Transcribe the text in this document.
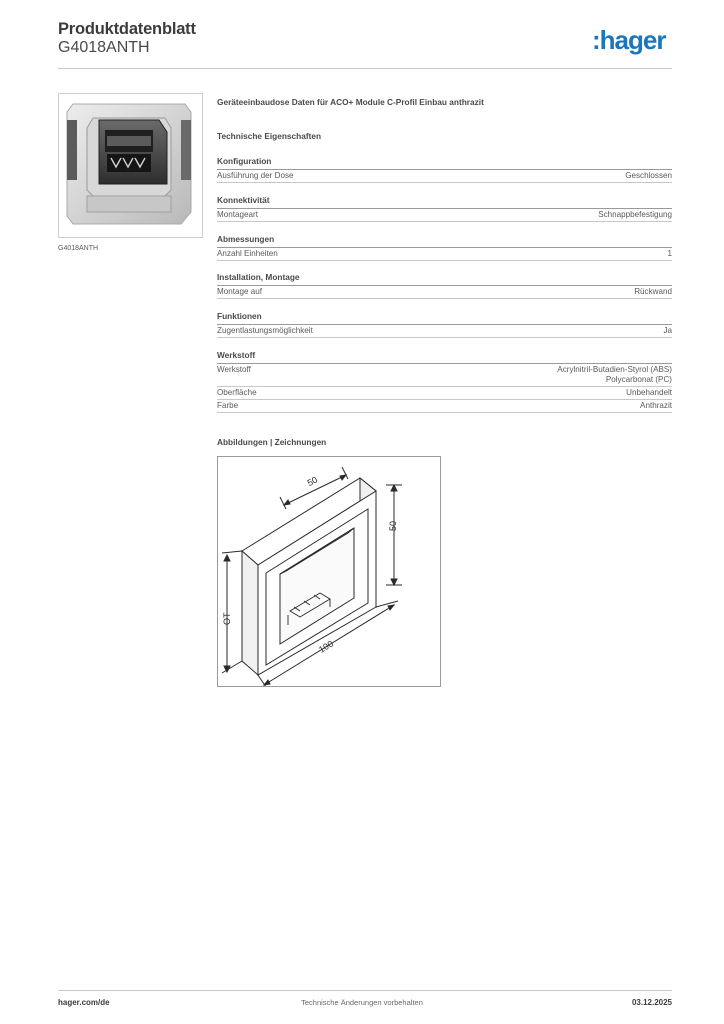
Produktdatenblatt
G4018ANTH	:hager
G4018ANTH
Geräteeinbaudose Daten für ACO+ Module C-Profil Einbau anthrazit
Technische Eigenschaften
Konfiguration
Ausführung der Dose	Geschlossen
Konnektivität
Montageart	Schnappbefestigung
Abmessungen
Anzahl Einheiten	1
Installation, Montage
Montage auf	Rückwand
Funktionen
Zugentlastungsmöglichkeit	Ja
Werkstoff
Werkstoff	Acrylnitril-Butadien-Styrol (ABS)
Polycarbonat (PC)
Oberfläche	Unbehandelt
Farbe	Anthrazit
Abbildungen | Zeichnungen
50
50
100
OT
hager.com/de	Technische Änderungen vorbehalten	03.12.2025
